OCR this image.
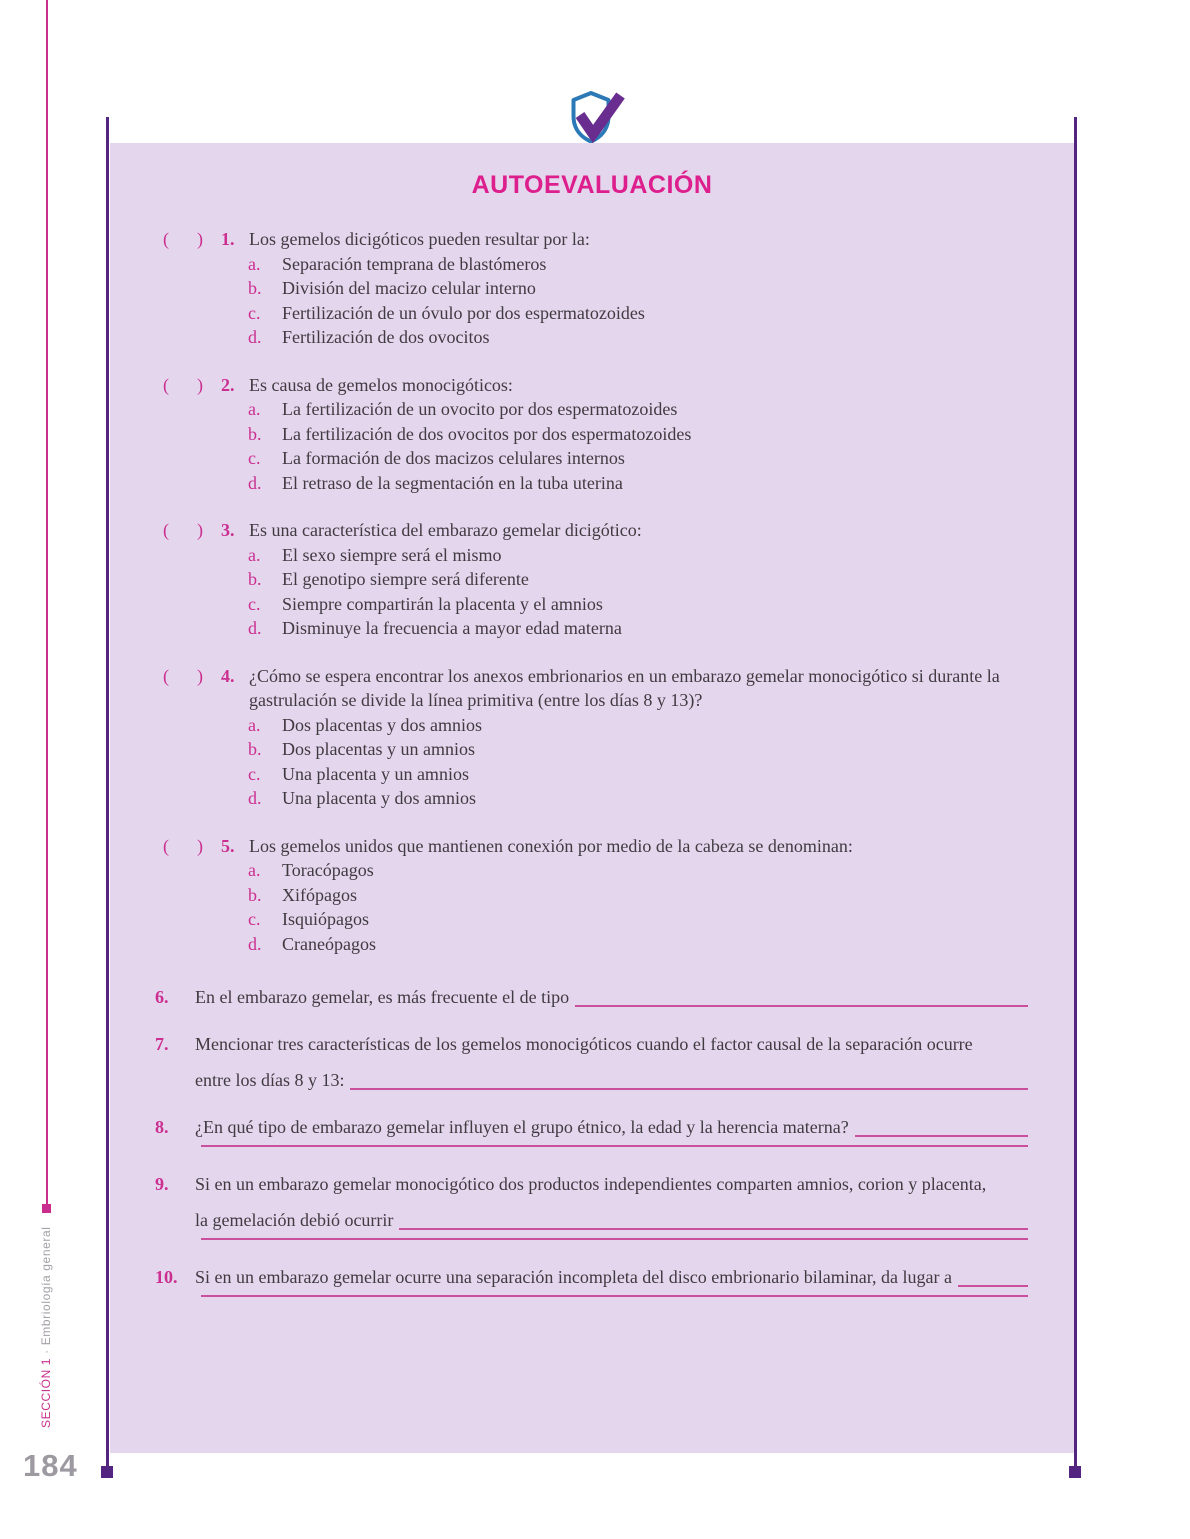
SECCIÓN 1·Embriología general
184
AUTOEVALUACIÓN
(	)	1. Los gemelos dicigóticos pueden resultar por la:
a.	Separación temprana de blastómeros
b.	División del macizo celular interno
c.	Fertilización de un óvulo por dos espermatozoides
d.	Fertilización de dos ovocitos
(	)	2. Es causa de gemelos monocigóticos:
a.	La fertilización de un ovocito por dos espermatozoides
b.	La fertilización de dos ovocitos por dos espermatozoides
c.	La formación de dos macizos celulares internos
d.	El retraso de la segmentación en la tuba uterina
(	)	3. Es una característica del embarazo gemelar dicigótico:
a.	El sexo siempre será el mismo
b.	El genotipo siempre será diferente
c.	Siempre compartirán la placenta y el amnios
d.	Disminuye la frecuencia a mayor edad materna
(	)	4. ¿Cómo se espera encontrar los anexos embrionarios en un embarazo gemelar monocigótico si durante la gastrulación se divide la línea primitiva (entre los días 8 y 13)?
a.	Dos placentas y dos amnios
b.	Dos placentas y un amnios
c.	Una placenta y un amnios
d.	Una placenta y dos amnios
(	)	5. Los gemelos unidos que mantienen conexión por medio de la cabeza se denominan:
a.	Toracópagos
b.	Xifópagos
c.	Isquiópagos
d.	Craneópagos
6.	En el embarazo gemelar, es más frecuente el de tipo
7.	Mencionar tres características de los gemelos monocigóticos cuando el factor causal de la separación ocurre
entre los días 8 y 13:
8.	¿En qué tipo de embarazo gemelar influyen el grupo étnico, la edad y la herencia materna?
9.	Si en un embarazo gemelar monocigótico dos productos independientes comparten amnios, corion y placenta,
la gemelación debió ocurrir
10. Si en un embarazo gemelar ocurre una separación incompleta del disco embrionario bilaminar, da lugar a
